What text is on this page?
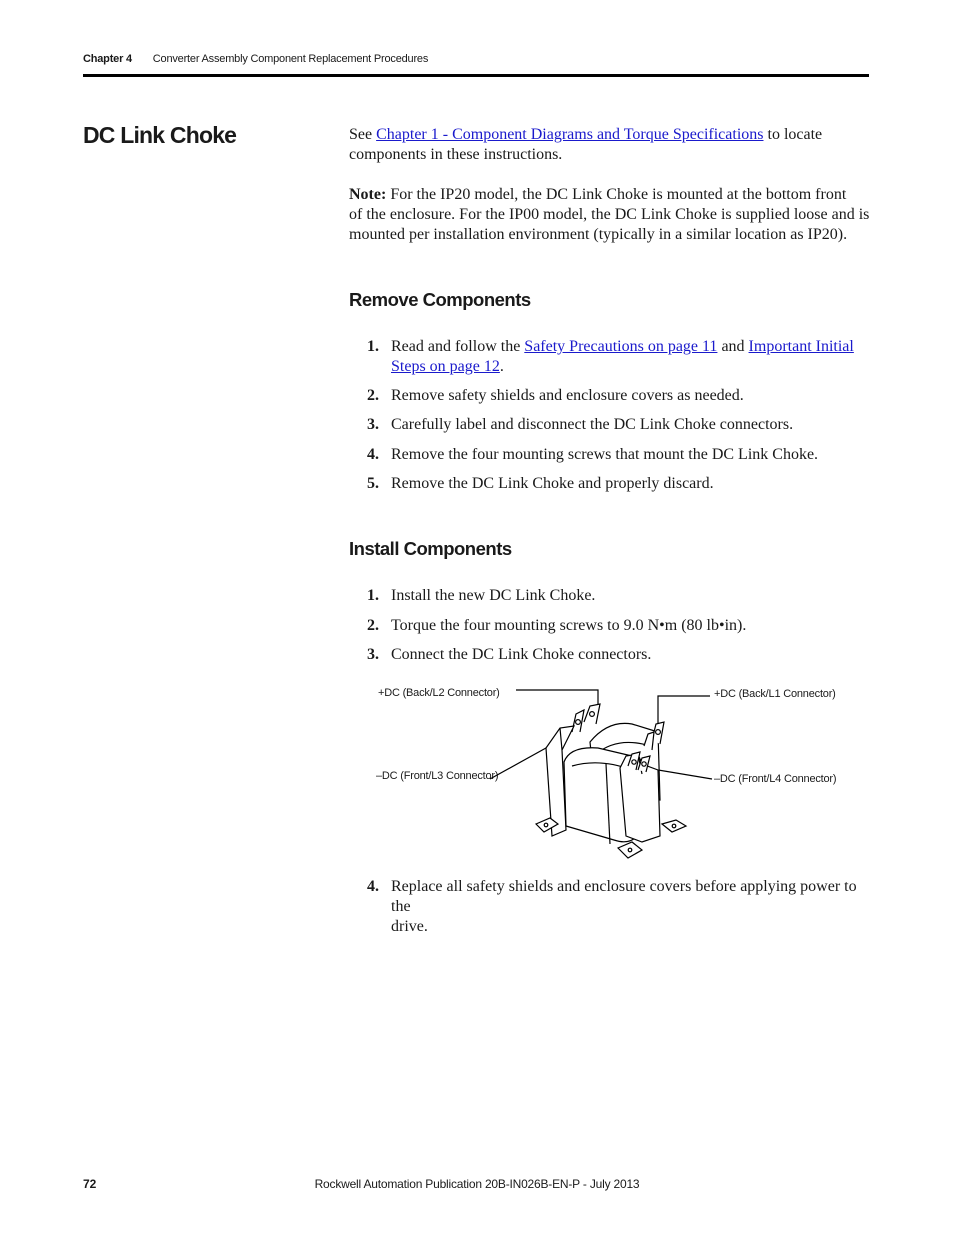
Chapter 4 Converter Assembly Component Replacement Procedures
DC Link Choke	See Chapter 1 - Component Diagrams and Torque Specifications to locate
components in these instructions.
Note: For the IP20 model, the DC Link Choke is mounted at the bottom front
of the enclosure. For the IP00 model, the DC Link Choke is supplied loose and is
mounted per installation environment (typically in a similar location as IP20).
Remove Components
1. Read and follow the Safety Precautions on page 11 and Important Initial
Steps on page 12.
2. Remove safety shields and enclosure covers as needed.
3. Carefully label and disconnect the DC Link Choke connectors.
4. Remove the four mounting screws that mount the DC Link Choke.
5. Remove the DC Link Choke and properly discard.
Install Components
1. Install the new DC Link Choke.
2. Torque the four mounting screws to 9.0 N•m (80 lb•in).
3. Connect the DC Link Choke connectors.
+DC (Back/L2 Connector)	+DC (Back/L1 Connector)
–DC (Front/L3 Connector)	–DC (Front/L4 Connector)
4. Replace all safety shields and enclosure covers before applying power to the
drive.
72	Rockwell Automation Publication 20B-IN026B-EN-P - July 2013
